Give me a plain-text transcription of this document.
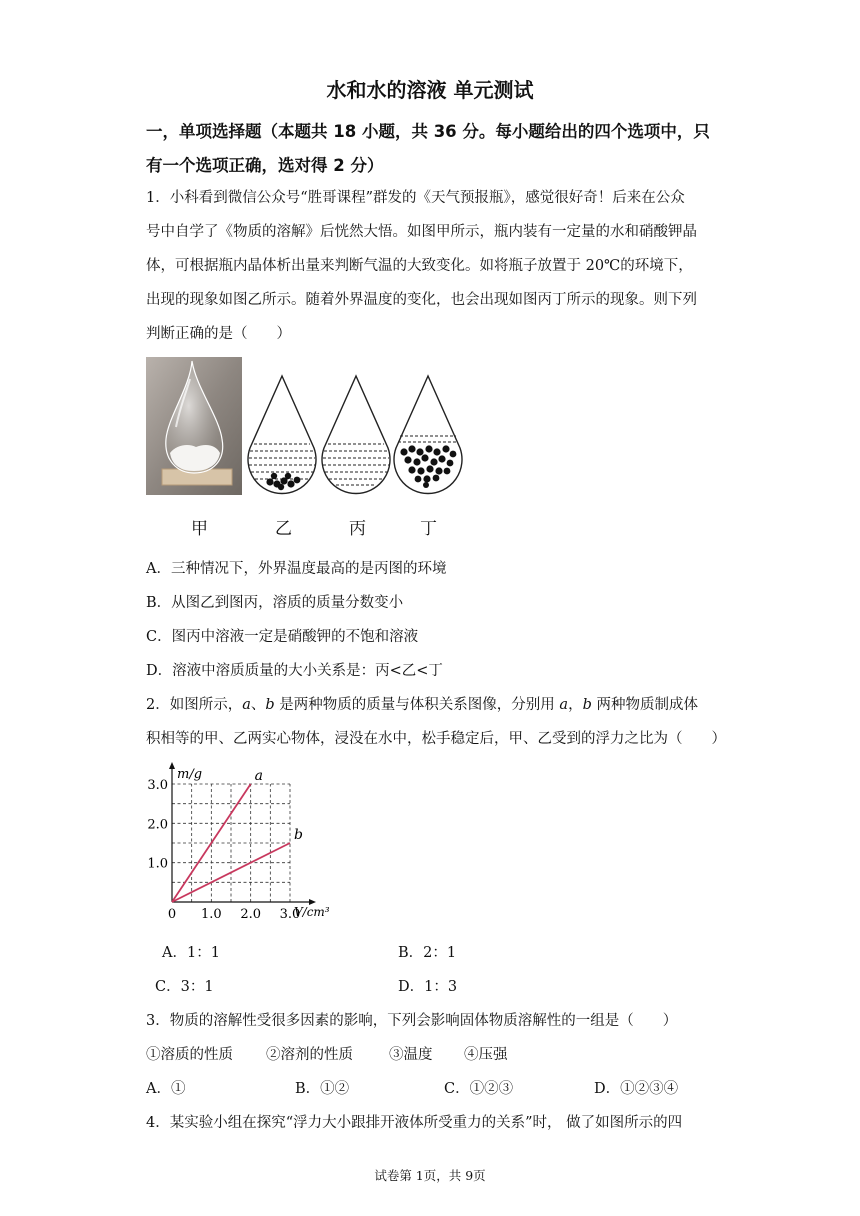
水和水的溶液 单元测试
一，单项选择题（本题共 18 小题，共 36 分。每小题给出的四个选项中，只
有一个选项正确，选对得 2 分）
1．小科看到微信公众号“胜哥课程”群发的《天气预报瓶》，感觉很好奇！后来在公众
号中自学了《物质的溶解》后恍然大悟。如图甲所示，瓶内装有一定量的水和硝酸钾晶
体，可根据瓶内晶体析出量来判断气温的大致变化。如将瓶子放置于 20℃的环境下，
出现的现象如图乙所示。随着外界温度的变化，也会出现如图丙丁所示的现象。则下列
判断正确的是（　　）
甲	乙	丙	丁
A．三种情况下，外界温度最高的是丙图的环境
B．从图乙到图丙，溶质的质量分数变小
C．图丙中溶液一定是硝酸钾的不饱和溶液
D．溶液中溶质质量的大小关系是：丙<乙<丁
2．如图所示，a、b 是两种物质的质量与体积关系图像，分别用 a，b 两种物质制成体
积相等的甲、乙两实心物体，浸没在水中，松手稳定后，甲、乙受到的浮力之比为（　　）
0 1.0 2.0 3.0
1.0
2.0
3.0
m/g
V/cm³
a
b
A．1：1	B．2：1
C．3：1	D．1：3
3．物质的溶解性受很多因素的影响，下列会影响固体物质溶解性的一组是（　　）
①溶质的性质 ②溶剂的性质 ③温度 ④压强
A．①	B．①②	C．①②③	D．①②③④
4．某实验小组在探究“浮力大小跟排开液体所受重力的关系”时， 做了如图所示的四
试卷第 1页，共 9页
